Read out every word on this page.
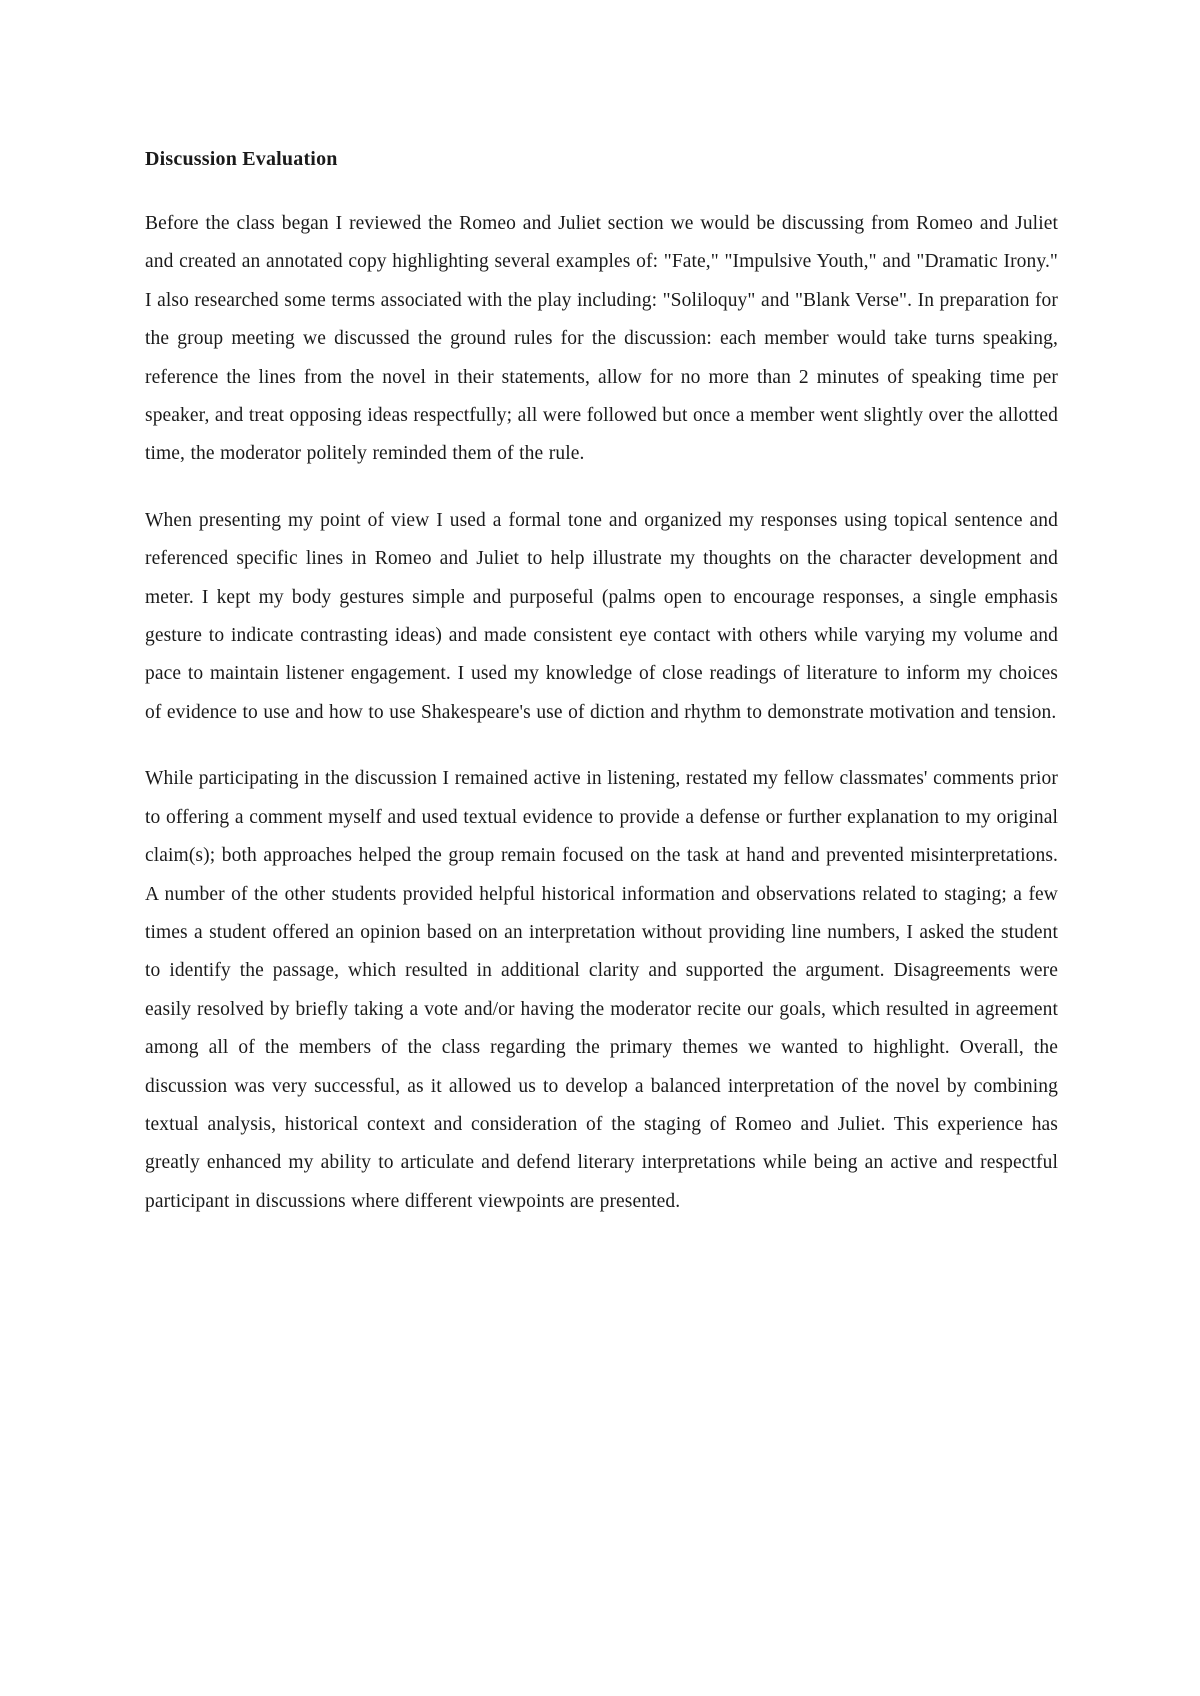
Discussion Evaluation

Before the class began I reviewed the Romeo and Juliet section we would be discussing from Romeo and Juliet and created an annotated copy highlighting several examples of: "Fate," "Impulsive Youth," and "Dramatic Irony." I also researched some terms associated with the play including: "Soliloquy" and "Blank Verse". In preparation for the group meeting we discussed the ground rules for the discussion: each member would take turns speaking, reference the lines from the novel in their statements, allow for no more than 2 minutes of speaking time per speaker, and treat opposing ideas respectfully; all were followed but once a member went slightly over the allotted time, the moderator politely reminded them of the rule.

When presenting my point of view I used a formal tone and organized my responses using topical sentence and referenced specific lines in Romeo and Juliet to help illustrate my thoughts on the character development and meter. I kept my body gestures simple and purposeful (palms open to encourage responses, a single emphasis gesture to indicate contrasting ideas) and made consistent eye contact with others while varying my volume and pace to maintain listener engagement. I used my knowledge of close readings of literature to inform my choices of evidence to use and how to use Shakespeare's use of diction and rhythm to demonstrate motivation and tension.

While participating in the discussion I remained active in listening, restated my fellow classmates' comments prior to offering a comment myself and used textual evidence to provide a defense or further explanation to my original claim(s); both approaches helped the group remain focused on the task at hand and prevented misinterpretations. A number of the other students provided helpful historical information and observations related to staging; a few times a student offered an opinion based on an interpretation without providing line numbers, I asked the student to identify the passage, which resulted in additional clarity and supported the argument. Disagreements were easily resolved by briefly taking a vote and/or having the moderator recite our goals, which resulted in agreement among all of the members of the class regarding the primary themes we wanted to highlight. Overall, the discussion was very successful, as it allowed us to develop a balanced interpretation of the novel by combining textual analysis, historical context and consideration of the staging of Romeo and Juliet. This experience has greatly enhanced my ability to articulate and defend literary interpretations while being an active and respectful participant in discussions where different viewpoints are presented.
